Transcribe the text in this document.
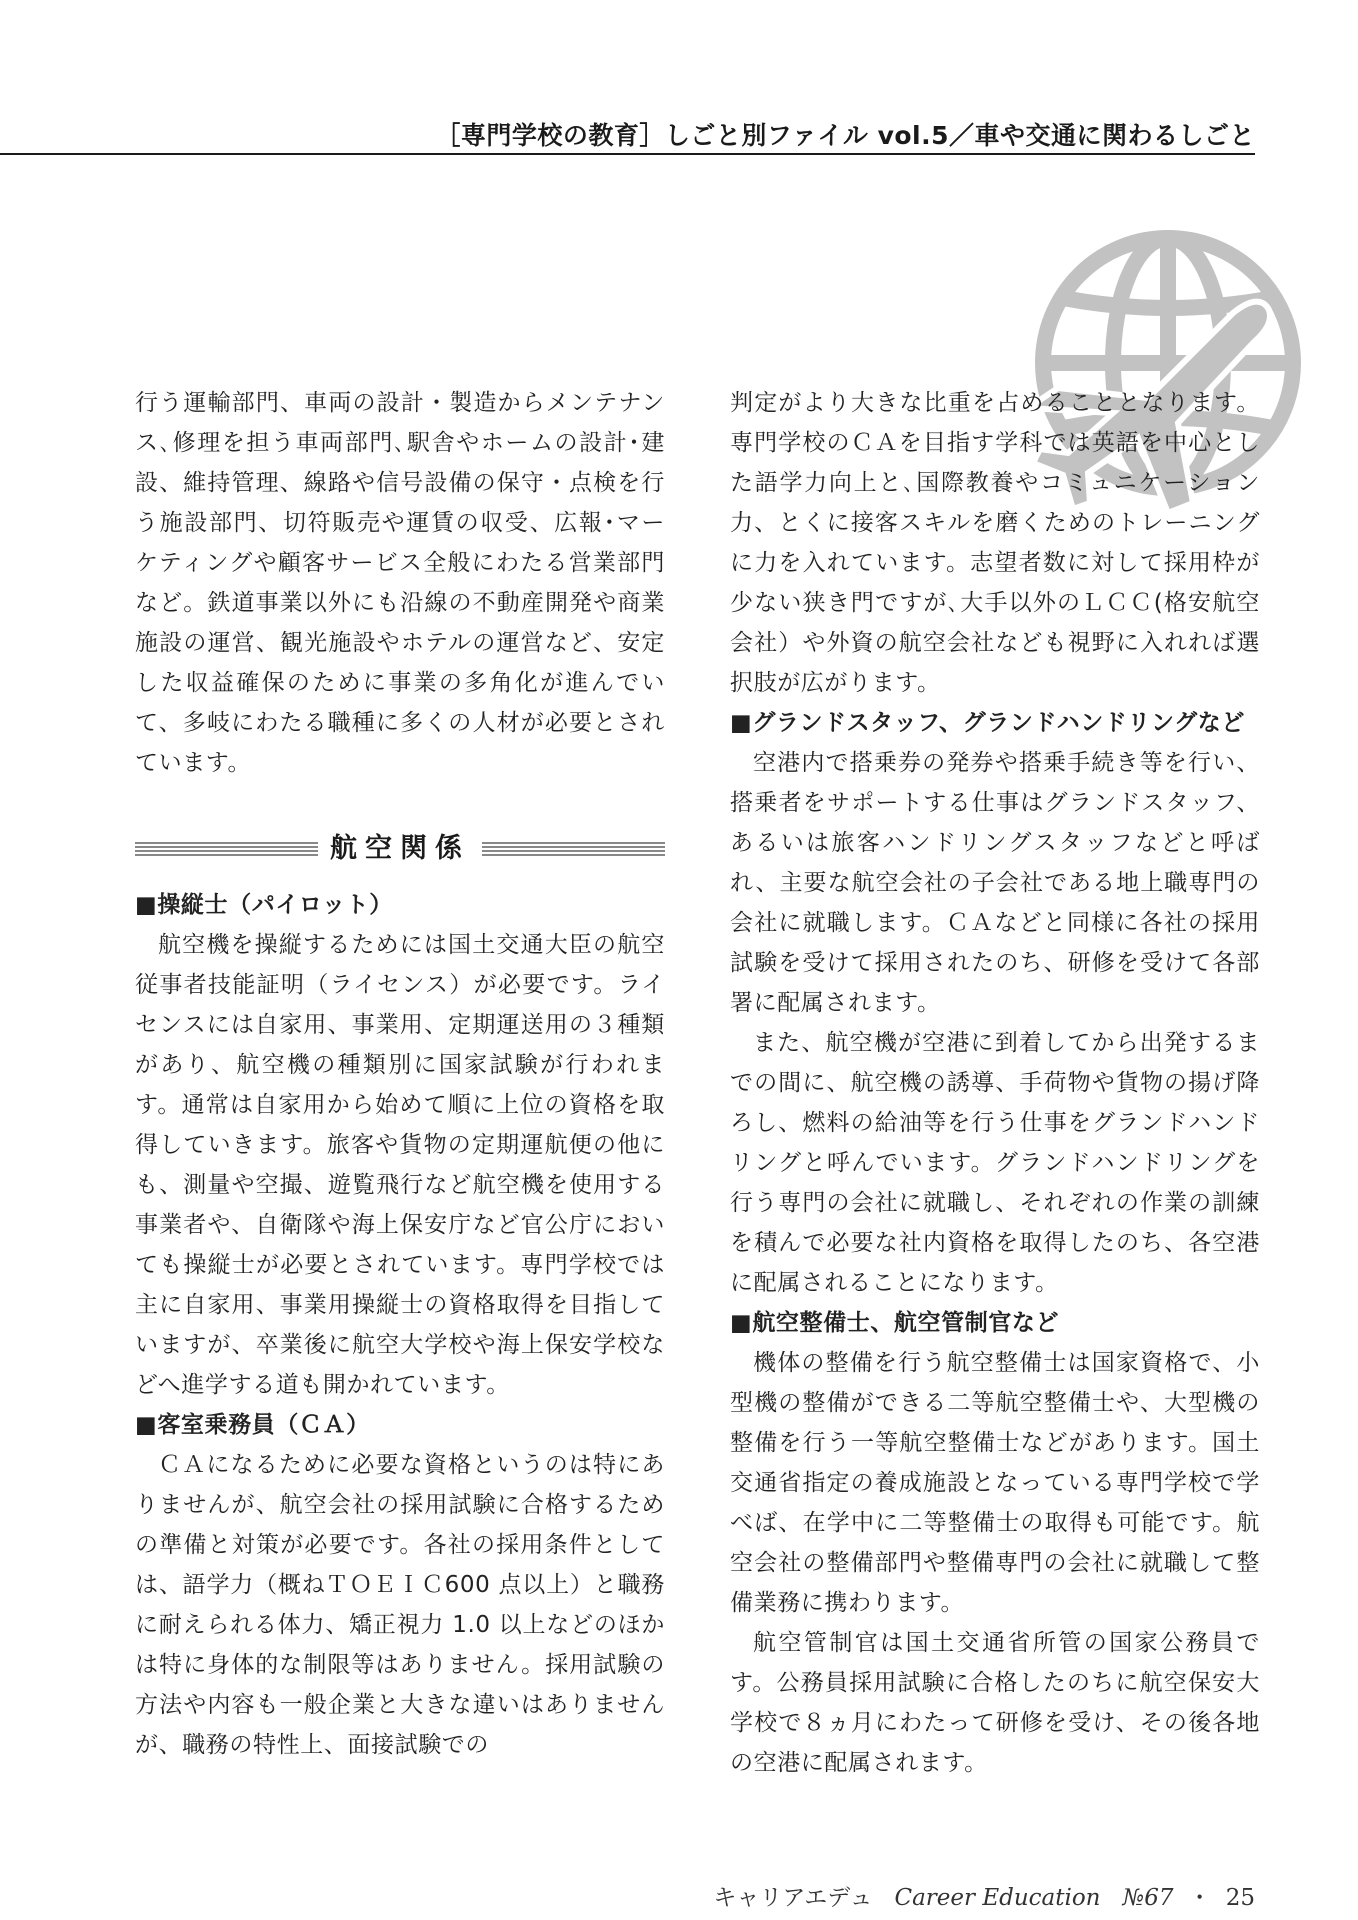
［専門学校の教育］しごと別ファイル vol.5／車や交通に関わるしごと

行う運輸部門、車両の設計・製造からメンテナンス､修理を担う車両部門､駅舎やホームの設計･建設、維持管理、線路や信号設備の保守・点検を行う施設部門、切符販売や運賃の収受、広報･マーケティングや顧客サービス全般にわたる営業部門など。鉄道事業以外にも沿線の不動産開発や商業施設の運営、観光施設やホテルの運営など、安定した収益確保のために事業の多角化が進んでいて、多岐にわたる職種に多くの人材が必要とされています。

航空関係
■操縦士（パイロット）

航空機を操縦するためには国土交通大臣の航空従事者技能証明（ライセンス）が必要です。ライセンスには自家用、事業用、定期運送用の３種類があり、航空機の種類別に国家試験が行われます。通常は自家用から始めて順に上位の資格を取得していきます。旅客や貨物の定期運航便の他にも、測量や空撮、遊覧飛行など航空機を使用する事業者や、自衛隊や海上保安庁など官公庁においても操縦士が必要とされています。専門学校では主に自家用、事業用操縦士の資格取得を目指していますが、卒業後に航空大学校や海上保安学校などへ進学する道も開かれています。

■客室乗務員（ＣＡ）

ＣＡになるために必要な資格というのは特にありませんが、航空会社の採用試験に合格するための準備と対策が必要です。各社の採用条件としては、語学力（概ねＴＯＥＩＣ600 点以上）と職務に耐えられる体力、矯正視力 1.0 以上などのほかは特に身体的な制限等はありません。採用試験の方法や内容も一般企業と大きな違いはありませんが、職務の特性上、面接試験での

判定がより大きな比重を占めることとなります。専門学校のＣＡを目指す学科では英語を中心とした語学力向上と､国際教養やコミュニケーション力、とくに接客スキルを磨くためのトレーニングに力を入れています。志望者数に対して採用枠が少ない狭き門ですが､大手以外のＬＣＣ(格安航空会社）や外資の航空会社なども視野に入れれば選択肢が広がります。

■グランドスタッフ、グランドハンドリングなど

空港内で搭乗券の発券や搭乗手続き等を行い、搭乗者をサポートする仕事はグランドスタッフ、あるいは旅客ハンドリングスタッフなどと呼ばれ、主要な航空会社の子会社である地上職専門の会社に就職します。ＣＡなどと同様に各社の採用試験を受けて採用されたのち、研修を受けて各部署に配属されます。

また、航空機が空港に到着してから出発するまでの間に、航空機の誘導、手荷物や貨物の揚げ降ろし、燃料の給油等を行う仕事をグランドハンドリングと呼んでいます。グランドハンドリングを行う専門の会社に就職し、それぞれの作業の訓練を積んで必要な社内資格を取得したのち、各空港に配属されることになります。

■航空整備士、航空管制官など

機体の整備を行う航空整備士は国家資格で、小型機の整備ができる二等航空整備士や、大型機の整備を行う一等航空整備士などがあります。国土交通省指定の養成施設となっている専門学校で学べば、在学中に二等整備士の取得も可能です。航空会社の整備部門や整備専門の会社に就職して整備業務に携わります。

航空管制官は国土交通省所管の国家公務員です。公務員採用試験に合格したのちに航空保安大学校で８ヵ月にわたって研修を受け、その後各地の空港に配属されます。

キャリアエデュ Career Education №67 ・ 25
